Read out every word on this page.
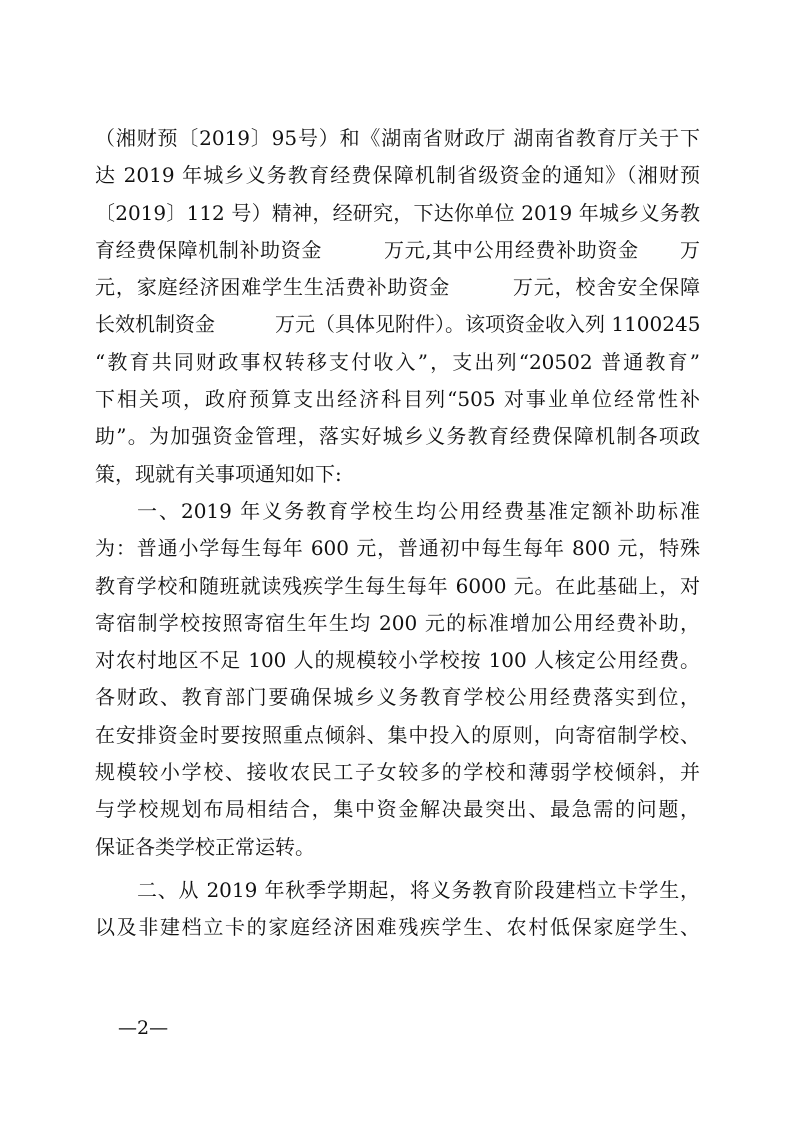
（湘财预〔2019〕95号）和《湖南省财政厅 湖南省教育厅关于下
达 2019 年城乡义务教育经费保障机制省级资金的通知》（湘财预
〔2019〕112 号）精神，经研究，下达你单位 2019 年城乡义务教
育经费保障机制补助资金　　　万元,其中公用经费补助资金　　万
元，家庭经济困难学生生活费补助资金　　　万元，校舍安全保障
长效机制资金　　　万元（具体见附件）。该项资金收入列 1100245
“教育共同财政事权转移支付收入”，支出列“20502 普通教育”
下相关项，政府预算支出经济科目列“505 对事业单位经常性补
助”。为加强资金管理，落实好城乡义务教育经费保障机制各项政
策，现就有关事项通知如下:
一、2019 年义务教育学校生均公用经费基准定额补助标准
为：普通小学每生每年 600 元，普通初中每生每年 800 元，特殊
教育学校和随班就读残疾学生每生每年 6000 元。在此基础上，对
寄宿制学校按照寄宿生年生均 200 元的标准增加公用经费补助，
对农村地区不足 100 人的规模较小学校按 100 人核定公用经费。
各财政、教育部门要确保城乡义务教育学校公用经费落实到位，
在安排资金时要按照重点倾斜、集中投入的原则，向寄宿制学校、
规模较小学校、接收农民工子女较多的学校和薄弱学校倾斜，并
与学校规划布局相结合，集中资金解决最突出、最急需的问题，
保证各类学校正常运转。
二、从 2019 年秋季学期起，将义务教育阶段建档立卡学生，
以及非建档立卡的家庭经济困难残疾学生、农村低保家庭学生、
—2—
